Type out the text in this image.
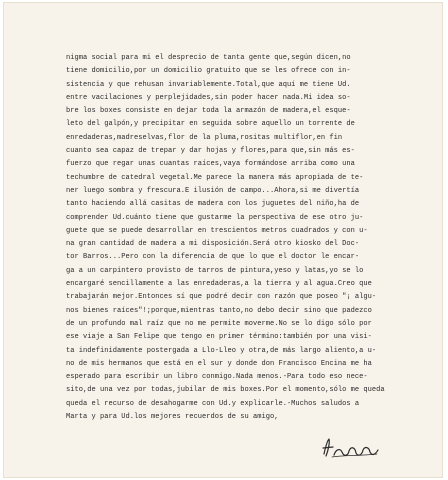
nigma social para mi el desprecio de tanta gente que,según dicen,no
tiene domicilio,por un domicilio gratuito que se les ofrece con in-
sistencia y que rehusan invariablemente.Total,que aquí me tiene Ud.
entre vacilaciones y perplejidades,sin poder hacer nada.Mi idea so-
bre los boxes consiste en dejar toda la armazón de madera,el esque-
leto del galpón,y precipitar en seguida sobre aquello un torrente de
enredaderas,madreselvas,flor de la pluma,rositas multiflor,en fin
cuanto sea capaz de trepar y dar hojas y flores,para que,sin más es-
fuerzo que regar unas cuantas raíces,vaya formándose arriba como una
techumbre de catedral vegetal.Me parece la manera más apropiada de te-
ner luego sombra y frescura.E ilusión de campo...Ahora,si me divertía
tanto haciendo allá casitas de madera con los juguetes del niño,ha de
comprender Ud.cuánto tiene que gustarme la perspectiva de ese otro ju-
guete que se puede desarrollar en trescientos metros cuadrados y con u-
na gran cantidad de madera a mi disposición.Será otro kiosko del Doc-
tor Barros...Pero con la diferencia de que lo que el doctor le encar-
ga a un carpintero provisto de tarros de pintura,yeso y latas,yo se lo
encargaré sencillamente a las enredaderas,a la tierra y al agua.Creo que
trabajarán mejor.Entonces sí que podré decir con razón que poseo "¡ algu-
nos bienes raíces"!;porque,mientras tanto,no debo decir sino que padezco
de un profundo mal raíz que no me permite moverme.No se lo digo sólo por
ese viaje a San Felipe que tengo en primer término:también por una visi-
ta indefinidamente postergada a Llo-Lleo y otra,de más largo aliento,a u-
no de mis hermanos que está en el sur y donde don Francisco Encina me ha
esperado para escribir un libro conmigo.Nada menos.-Para todo eso nece-
sito,de una vez por todas,jubilar de mis boxes.Por el momento,sólo me queda
queda el recurso de desahogarme con Ud.y explicarle.-Muchos saludos a
Marta y para Ud.los mejores recuerdos de su amigo,
